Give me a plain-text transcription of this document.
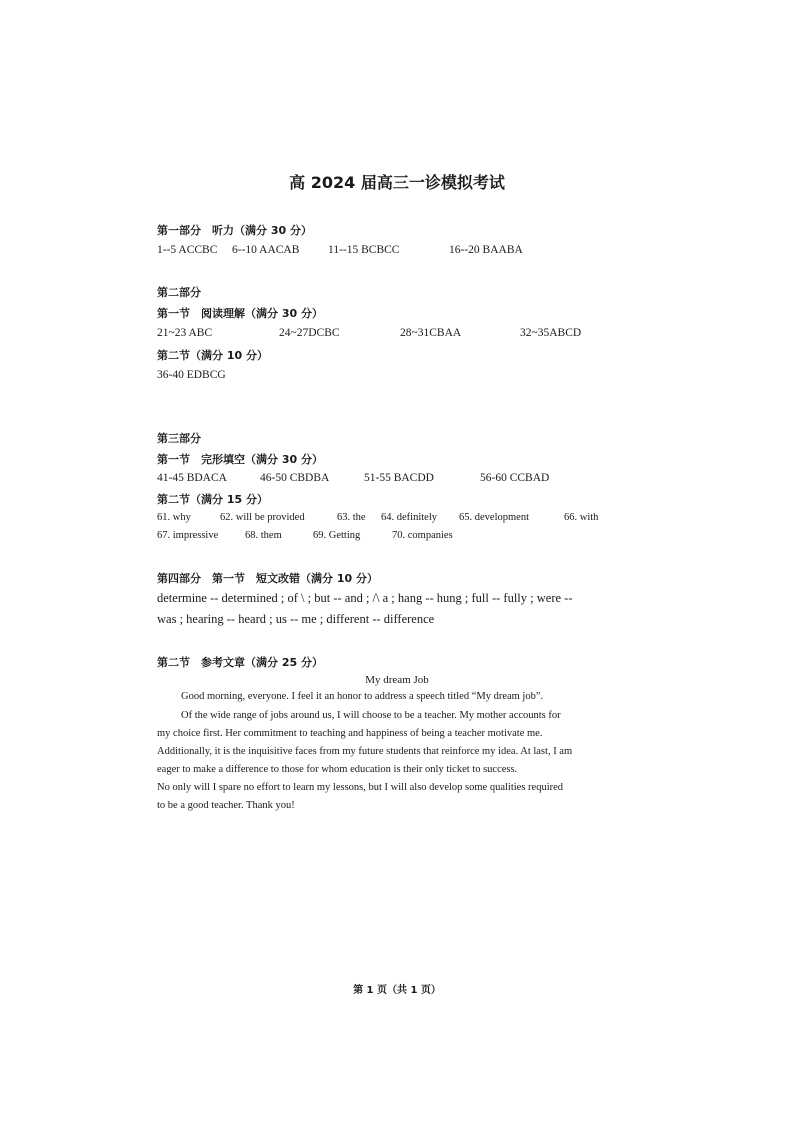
高 2024 届高三一诊模拟考试
第一部分　听力（满分 30 分）
1--5 ACCBC 6--10 AACAB 11--15 BCBCC	16--20 BAABA
第二部分
第一节　阅读理解（满分 30 分）
21~23 ABC	24~27DCBC	28~31CBAA	32~35ABCD
第二节（满分 10 分）
36-40 EDBCG
第三部分
第一节　完形填空（满分 30 分）
41-45 BDACA	46-50 CBDBA	51-55 BACDD	56-60 CCBAD
第二节（满分 15 分）
61. why	62. will be provided	63. the 64. definitely 65. development	66. with
67. impressive	68. them	69. Getting	70. companies
第四部分　第一节　短文改错（满分 10 分）
determine -- determined ; of \ ; but -- and ; /\ a ; hang -- hung ; full -- fully ; were --
was ; hearing -- heard ; us -- me ; different -- difference
第二节　参考文章（满分 25 分）
My dream Job
Good morning, everyone. I feel it an honor to address a speech titled “My dream job”.
Of the wide range of jobs around us, I will choose to be a teacher. My mother accounts for
my choice first. Her commitment to teaching and happiness of being a teacher motivate me.
Additionally, it is the inquisitive faces from my future students that reinforce my idea. At last, I am
eager to make a difference to those for whom education is their only ticket to success.
No only will I spare no effort to learn my lessons, but I will also develop some qualities required
to be a good teacher. Thank you!
第 1 页（共 1 页）
